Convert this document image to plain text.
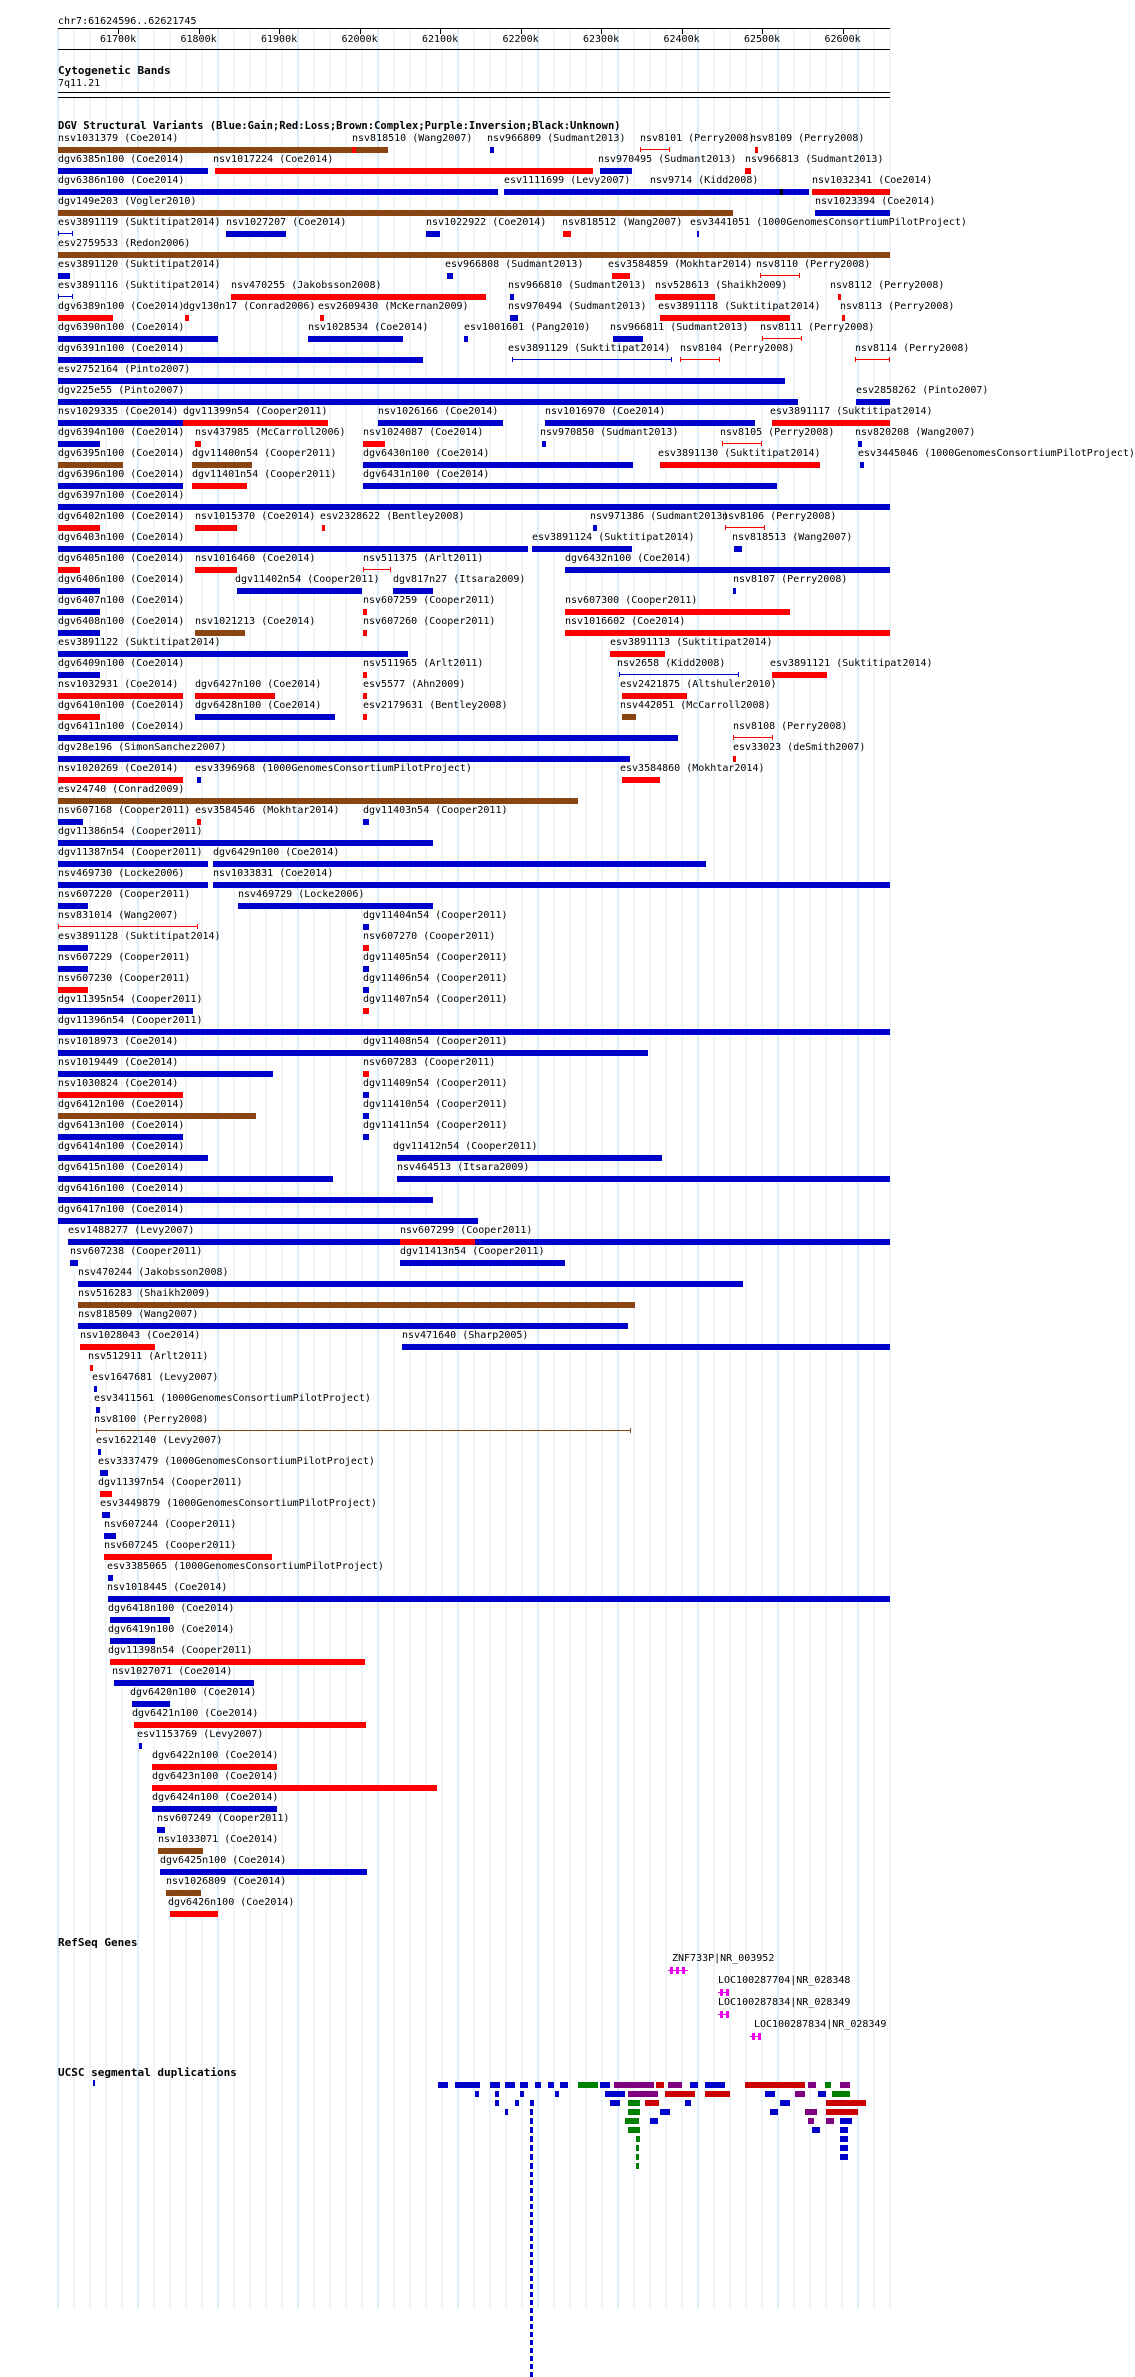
chr7:61624596..62621745
61700k	61800k	61900k	62000k	62100k	62200k	62300k	62400k	62500k	62600k
Cytogenetic Bands
7q11.21
DGV Structural Variants (Blue:Gain;Red:Loss;Brown:Complex;Purple:Inversion;Black:Unknown)
nsv1031379 (Coe2014)	nsv818510 (Wang2007) nsv966809 (Sudmant2013) nsv8101 (Perry2008)
nsv8109 (Perry2008)
dgv6385n100 (Coe2014)	nsv1017224 (Coe2014)	nsv970495 (Sudmant2013) nsv966813 (Sudmant2013)
dgv6386n100 (Coe2014)	esv1111699 (Levy2007) nsv9714 (Kidd2008)	nsv1032341 (Coe2014)
dgv149e203 (Vogler2010)	nsv1023394 (Coe2014)
esv3891119 (Suktitipat2014) nsv1027207 (Coe2014)	nsv1022922 (Coe2014) nsv818512 (Wang2007) esv3441051 (1000GenomesConsortiumPilotProject)
esv2759533 (Redon2006)
esv3891120 (Suktitipat2014)	esv966808 (Sudmant2013) esv3584859 (Mokhtar2014) nsv8110 (Perry2008)
esv3891116 (Suktitipat2014) nsv470255 (Jakobsson2008)	nsv966810 (Sudmant2013) nsv528613 (Shaikh2009)	nsv8112 (Perry2008)
dgv6389n100 (Coe2014)
dgv130n17 (Conrad2006) esv2609430 (McKernan2009)	nsv970494 (Sudmant2013) esv3891118 (Suktitipat2014) nsv8113 (Perry2008)
dgv6390n100 (Coe2014)	nsv1028534 (Coe2014)	esv1001601 (Pang2010) nsv966811 (Sudmant2013) nsv8111 (Perry2008)
dgv6391n100 (Coe2014)	esv3891129 (Suktitipat2014) nsv8104 (Perry2008)	nsv8114 (Perry2008)
esv2752164 (Pinto2007)
dgv225e55 (Pinto2007)	esv2858262 (Pinto2007)
nsv1029335 (Coe2014) dgv11399n54 (Cooper2011)	nsv1026166 (Coe2014)	nsv1016970 (Coe2014)	esv3891117 (Suktitipat2014)
dgv6394n100 (Coe2014) nsv437985 (McCarroll2006) nsv1024087 (Coe2014)	nsv970850 (Sudmant2013)	nsv8105 (Perry2008) nsv820208 (Wang2007)
dgv6395n100 (Coe2014) dgv11400n54 (Cooper2011)	dgv6430n100 (Coe2014)	esv3891130 (Suktitipat2014)	esv3445046 (1000GenomesConsortiumPilotProject)
dgv6396n100 (Coe2014) dgv11401n54 (Cooper2011)	dgv6431n100 (Coe2014)
dgv6397n100 (Coe2014)
dgv6402n100 (Coe2014) nsv1015370 (Coe2014) esv2328622 (Bentley2008)	nsv971386 (Sudmant2013)
nsv8106 (Perry2008)
dgv6403n100 (Coe2014)	esv3891124 (Suktitipat2014)	nsv818513 (Wang2007)
dgv6405n100 (Coe2014) nsv1016460 (Coe2014)	nsv511375 (Arlt2011)	dgv6432n100 (Coe2014)
dgv6406n100 (Coe2014)	dgv11402n54 (Cooper2011) dgv817n27 (Itsara2009)	nsv8107 (Perry2008)
dgv6407n100 (Coe2014)	nsv607259 (Cooper2011)	nsv607300 (Cooper2011)
dgv6408n100 (Coe2014) nsv1021213 (Coe2014)	nsv607260 (Cooper2011)	nsv1016602 (Coe2014)
esv3891122 (Suktitipat2014)	esv3891113 (Suktitipat2014)
dgv6409n100 (Coe2014)	nsv511965 (Arlt2011)	nsv2658 (Kidd2008)	esv3891121 (Suktitipat2014)
nsv1032931 (Coe2014) dgv6427n100 (Coe2014)	esv5577 (Ahn2009)	esv2421875 (Altshuler2010)
dgv6410n100 (Coe2014) dgv6428n100 (Coe2014)	esv2179631 (Bentley2008)	nsv442051 (McCarroll2008)
dgv6411n100 (Coe2014)	nsv8108 (Perry2008)
dgv28e196 (SimonSanchez2007)	esv33023 (deSmith2007)
nsv1020269 (Coe2014) esv3396968 (1000GenomesConsortiumPilotProject)	esv3584860 (Mokhtar2014)
esv24740 (Conrad2009)
nsv607168 (Cooper2011) esv3584546 (Mokhtar2014) dgv11403n54 (Cooper2011)
dgv11386n54 (Cooper2011)
dgv11387n54 (Cooper2011) dgv6429n100 (Coe2014)
nsv469730 (Locke2006)	nsv1033831 (Coe2014)
nsv607220 (Cooper2011)	nsv469729 (Locke2006)
nsv831014 (Wang2007)	dgv11404n54 (Cooper2011)
esv3891128 (Suktitipat2014)	nsv607270 (Cooper2011)
nsv607229 (Cooper2011)	dgv11405n54 (Cooper2011)
nsv607230 (Cooper2011)	dgv11406n54 (Cooper2011)
dgv11395n54 (Cooper2011)	dgv11407n54 (Cooper2011)
dgv11396n54 (Cooper2011)
nsv1018973 (Coe2014)	dgv11408n54 (Cooper2011)
nsv1019449 (Coe2014)	nsv607283 (Cooper2011)
nsv1030824 (Coe2014)	dgv11409n54 (Cooper2011)
dgv6412n100 (Coe2014)	dgv11410n54 (Cooper2011)
dgv6413n100 (Coe2014)	dgv11411n54 (Cooper2011)
dgv6414n100 (Coe2014)	dgv11412n54 (Cooper2011)
dgv6415n100 (Coe2014)	nsv464513 (Itsara2009)
dgv6416n100 (Coe2014)
dgv6417n100 (Coe2014)
esv1488277 (Levy2007)	nsv607299 (Cooper2011)
nsv607238 (Cooper2011)	dgv11413n54 (Cooper2011)
nsv470244 (Jakobsson2008)
nsv516283 (Shaikh2009)
nsv818509 (Wang2007)
nsv1028043 (Coe2014)	nsv471640 (Sharp2005)
nsv512911 (Arlt2011)
esv1647681 (Levy2007)
esv3411561 (1000GenomesConsortiumPilotProject)
nsv8100 (Perry2008)
esv1622140 (Levy2007)
esv3337479 (1000GenomesConsortiumPilotProject)
dgv11397n54 (Cooper2011)
esv3449879 (1000GenomesConsortiumPilotProject)
nsv607244 (Cooper2011)
nsv607245 (Cooper2011)
esv3385065 (1000GenomesConsortiumPilotProject)
nsv1018445 (Coe2014)
dgv6418n100 (Coe2014)
dgv6419n100 (Coe2014)
dgv11398n54 (Cooper2011)
nsv1027071 (Coe2014)
dgv6420n100 (Coe2014)
dgv6421n100 (Coe2014)
esv1153769 (Levy2007)
dgv6422n100 (Coe2014)
dgv6423n100 (Coe2014)
dgv6424n100 (Coe2014)
nsv607249 (Cooper2011)
nsv1033071 (Coe2014)
dgv6425n100 (Coe2014)
nsv1026809 (Coe2014)
dgv6426n100 (Coe2014)
RefSeq Genes
ZNF733P|NR_003952
LOC100287704|NR_028348
LOC100287834|NR_028349
LOC100287834|NR_028349
UCSC segmental duplications
